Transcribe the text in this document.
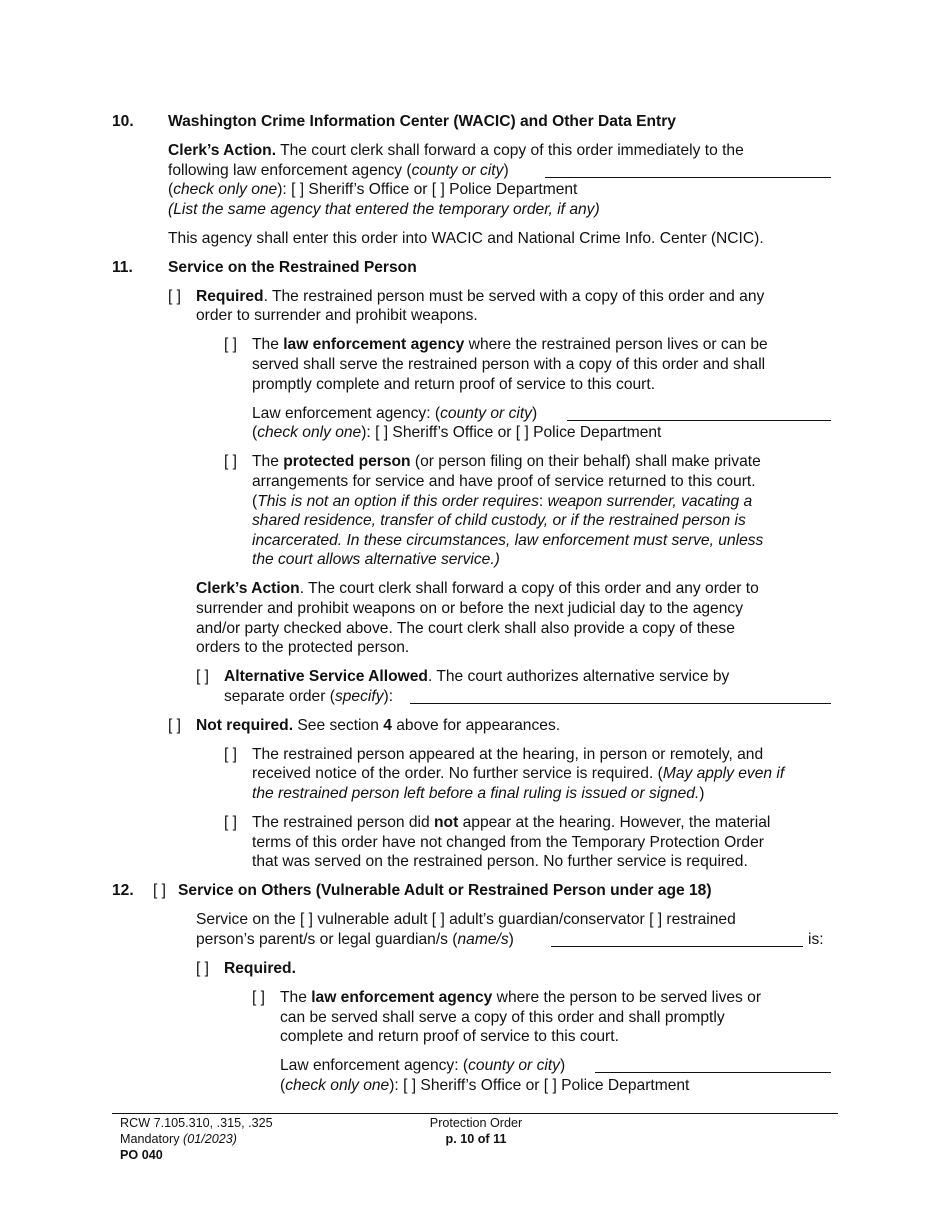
10. Washington Crime Information Center (WACIC) and Other Data Entry
Clerk’s Action. The court clerk shall forward a copy of this order immediately to the
following law enforcement agency (county or city)
(check only one): [ ] Sheriff’s Office or [ ] Police Department
(List the same agency that entered the temporary order, if any)
This agency shall enter this order into WACIC and National Crime Info. Center (NCIC).
11. Service on the Restrained Person
[ ] Required. The restrained person must be served with a copy of this order and any
order to surrender and prohibit weapons.
[ ] The law enforcement agency where the restrained person lives or can be
served shall serve the restrained person with a copy of this order and shall
promptly complete and return proof of service to this court.
Law enforcement agency: (county or city)
(check only one): [ ] Sheriff’s Office or [ ] Police Department
[ ] The protected person (or person filing on their behalf) shall make private
arrangements for service and have proof of service returned to this court.
(This is not an option if this order requires: weapon surrender, vacating a
shared residence, transfer of child custody, or if the restrained person is
incarcerated. In these circumstances, law enforcement must serve, unless
the court allows alternative service.)
Clerk’s Action. The court clerk shall forward a copy of this order and any order to
surrender and prohibit weapons on or before the next judicial day to the agency
and/or party checked above. The court clerk shall also provide a copy of these
orders to the protected person.
[ ] Alternative Service Allowed. The court authorizes alternative service by
separate order (specify):
[ ] Not required. See section 4 above for appearances.
[ ] The restrained person appeared at the hearing, in person or remotely, and
received notice of the order. No further service is required. (May apply even if
the restrained person left before a final ruling is issued or signed.)
[ ] The restrained person did not appear at the hearing. However, the material
terms of this order have not changed from the Temporary Protection Order
that was served on the restrained person. No further service is required.
12. [ ] Service on Others (Vulnerable Adult or Restrained Person under age 18)
Service on the [ ] vulnerable adult [ ] adult’s guardian/conservator [ ] restrained
person’s parent/s or legal guardian/s (name/s)	is:
[ ] Required.
[ ] The law enforcement agency where the person to be served lives or
can be served shall serve a copy of this order and shall promptly
complete and return proof of service to this court.
Law enforcement agency: (county or city)
(check only one): [ ] Sheriff’s Office or [ ] Police Department
RCW 7.105.310, .315, .325
Mandatory (01/2023)
PO 040
Protection Order
p. 10 of 11
